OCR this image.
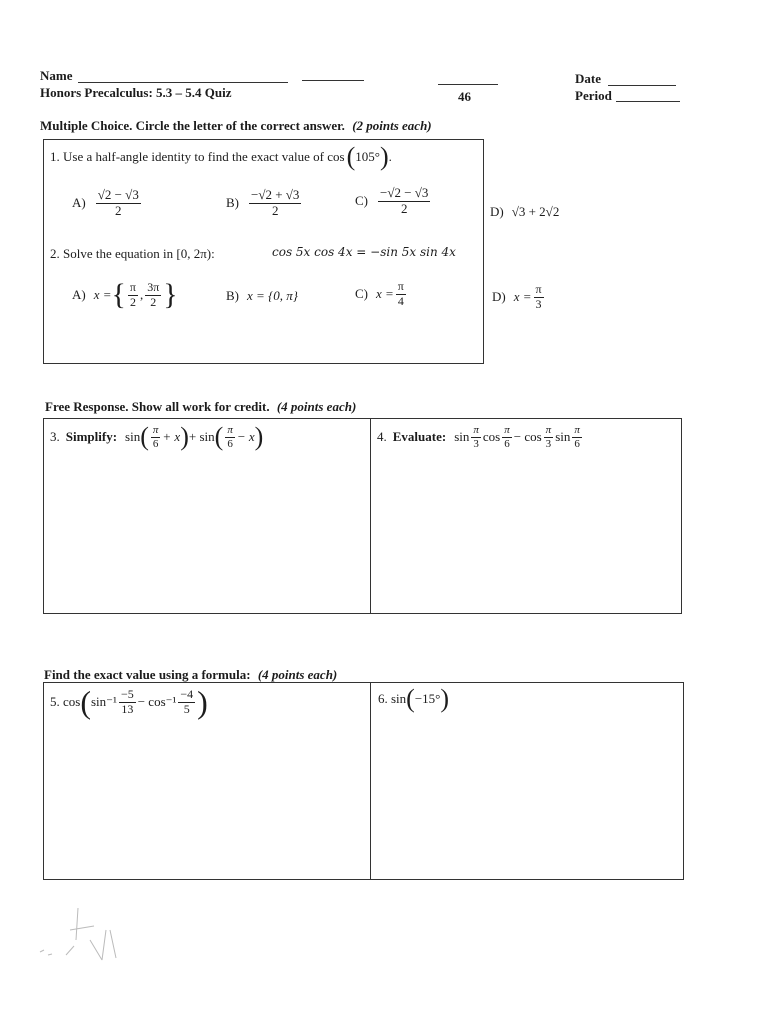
Name
Honors Precalculus: 5.3 – 5.4 Quiz	46
Date
Period
Multiple Choice. Circle the letter of the correct answer. (2 points each)
1. Use a half-angle identity to find the exact value of cos ( 105° ) .
$A) \frac{√2 - √3}{2}$	$B) \frac{-√2 + √3}{2}$	$C) \frac{-√2 - √3}{2}$	D) √3 + 2√2
2. Solve the equation in [0, 2π):	cos 5x cos 4x = −sin 5x sin 4x
A) x = { $\frac{\pi}{2}$ , $\frac{3\pi}{2}$ }	B) x = {0, π}	C) $x = \frac{\pi}{4}$	D) $x = \frac{\pi}{3}$
Free Response. Show all work for credit. (4 points each)
3. Simplify: sin ( $\frac{\pi}{6} + x$ ) + sin ( $\frac{\pi}{6} - x$ )	4. Evaluate: $\sin \frac{\pi}{3}$ $\cos \frac{\pi}{6} - \cos \frac{\pi}{3}$ $\sin \frac{\pi}{6}$
Find the exact value using a formula: (4 points each)
5. cos ( $\sin^{-1} \frac{-5}{13} - \cos^{-1} \frac{-4}{5}$ )	6. sin ( −15° )
